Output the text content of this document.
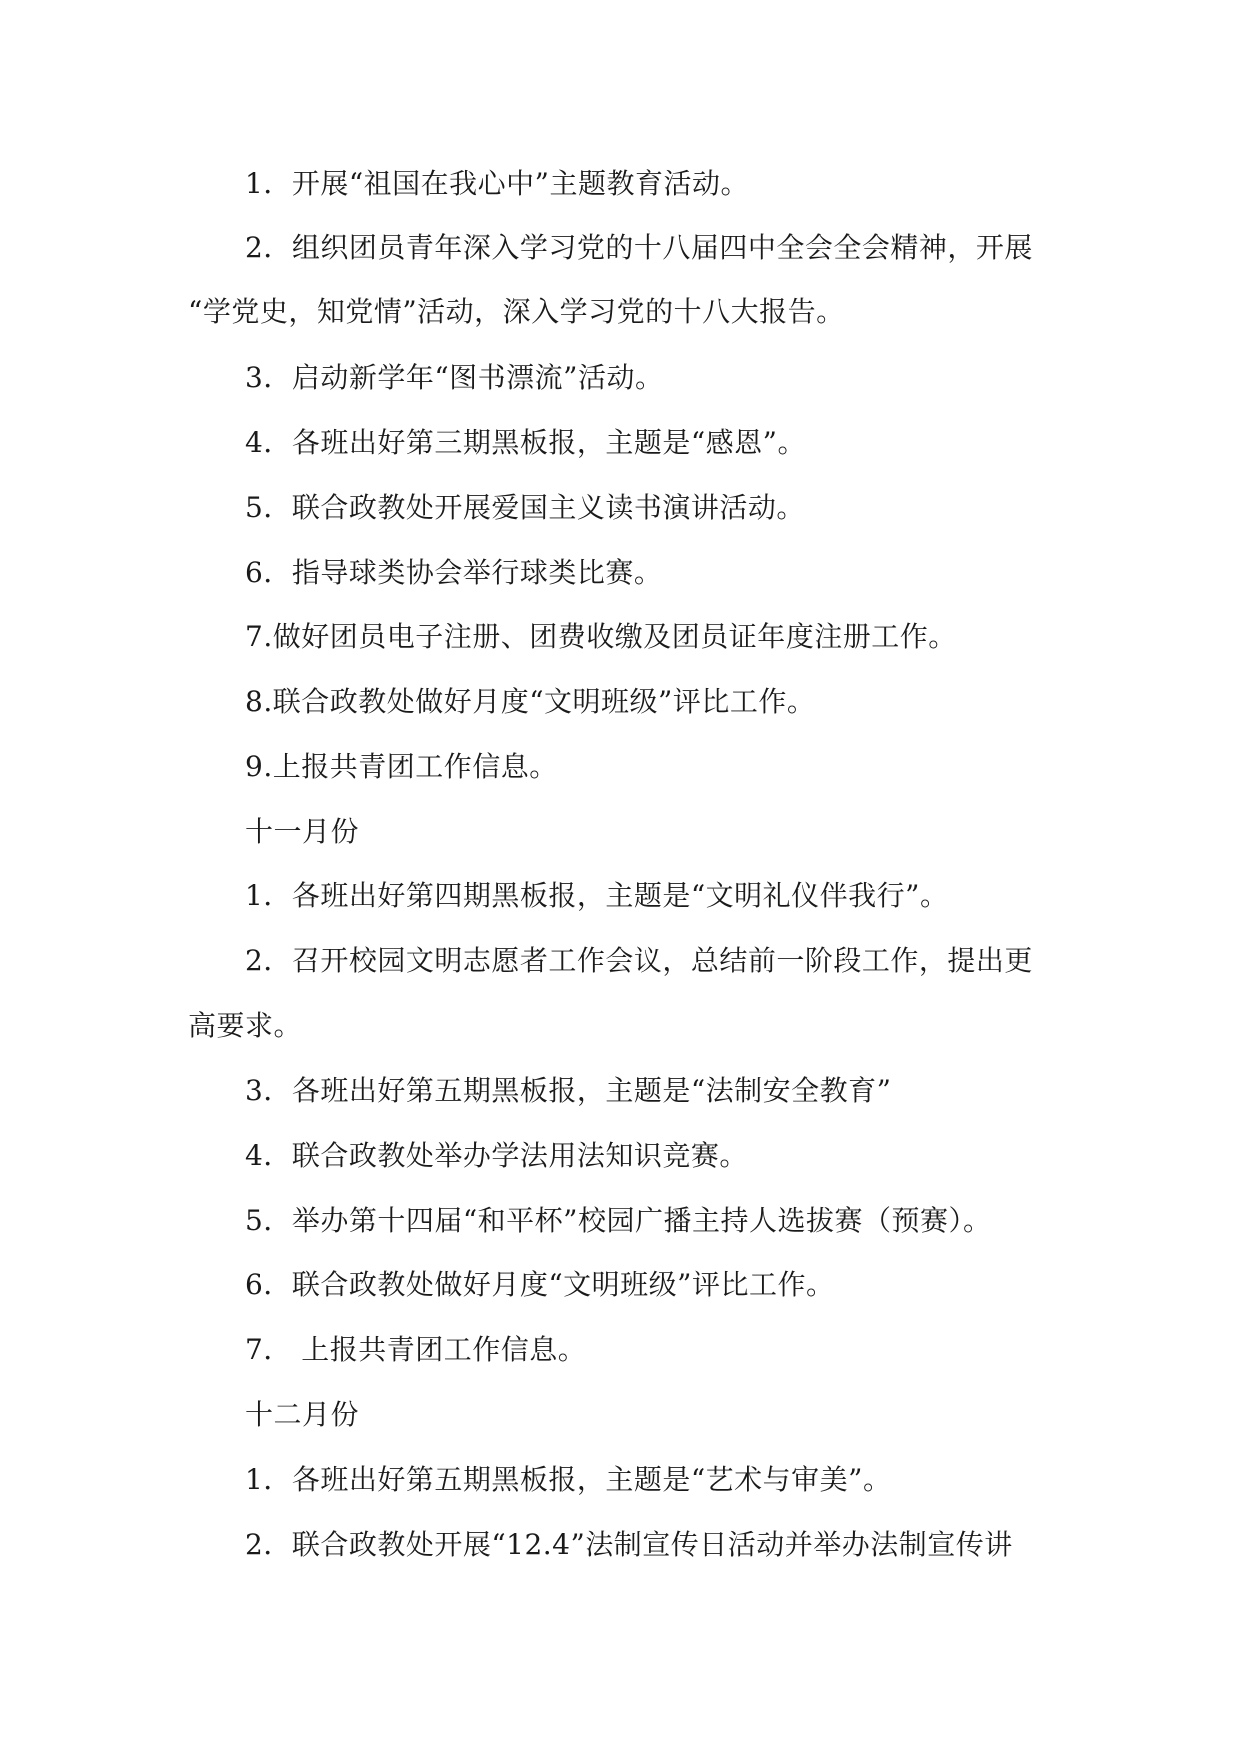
1．开展“祖国在我心中”主题教育活动。
2．组织团员青年深入学习党的十八届四中全会全会精神，开展
“学党史，知党情”活动，深入学习党的十八大报告。
3．启动新学年“图书漂流”活动。
4．各班出好第三期黑板报，主题是“感恩”。
5．联合政教处开展爱国主义读书演讲活动。
6．指导球类协会举行球类比赛。
7.做好团员电子注册、团费收缴及团员证年度注册工作。
8.联合政教处做好月度“文明班级”评比工作。
9.上报共青团工作信息。
十一月份
1．各班出好第四期黑板报，主题是“文明礼仪伴我行”。
2．召开校园文明志愿者工作会议，总结前一阶段工作，提出更
高要求。
3．各班出好第五期黑板报，主题是“法制安全教育”
4．联合政教处举办学法用法知识竞赛。
5．举办第十四届“和平杯”校园广播主持人选拔赛（预赛）。
6．联合政教处做好月度“文明班级”评比工作。
7． 上报共青团工作信息。
十二月份
1．各班出好第五期黑板报，主题是“艺术与审美”。
2．联合政教处开展“12.4”法制宣传日活动并举办法制宣传讲
